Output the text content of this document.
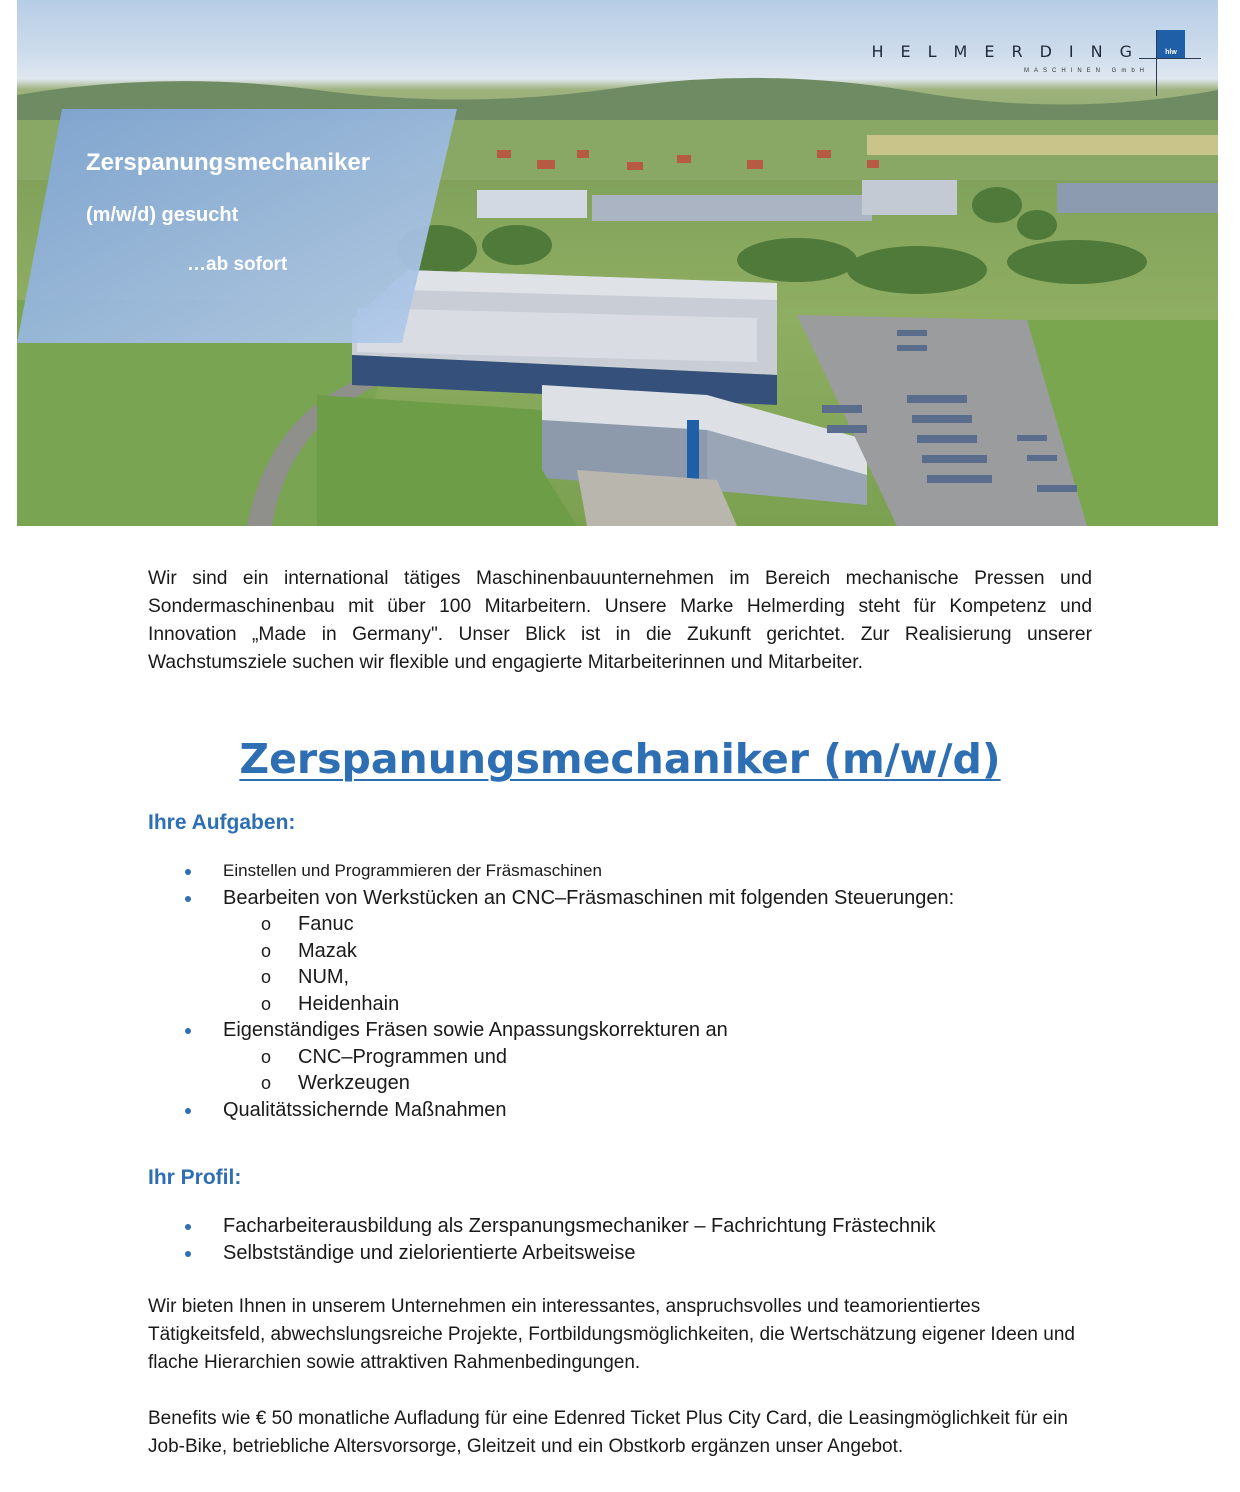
HELMERDING
MASCHINEN GmbH
hlw
Zerspanungsmechaniker
(m/w/d) gesucht
…ab sofort

Wir sind ein international tätiges Maschinenbauunternehmen im Bereich mechanische Pressen und Sondermaschinenbau mit über 100 Mitarbeitern. Unsere Marke Helmerding steht für Kompetenz und Innovation „Made in Germany". Unser Blick ist in die Zukunft gerichtet. Zur Realisierung unserer Wachstumsziele suchen wir flexible und engagierte Mitarbeiterinnen und Mitarbeiter.

Zerspanungsmechaniker (m/w/d)
Ihre Aufgaben:
Einstellen und Programmieren der Fräsmaschinen
Bearbeiten von Werkstücken an CNC–Fräsmaschinen mit folgenden Steuerungen:
o Fanuc
o Mazak
o NUM,
o Heidenhain
Eigenständiges Fräsen sowie Anpassungskorrekturen an
o CNC–Programmen und
o Werkzeugen
Qualitätssichernde Maßnahmen
Ihr Profil:
Facharbeiterausbildung als Zerspanungsmechaniker – Fachrichtung Frästechnik
Selbstständige und zielorientierte Arbeitsweise

Wir bieten Ihnen in unserem Unternehmen ein interessantes, anspruchsvolles und teamorientiertes Tätigkeitsfeld, abwechslungsreiche Projekte, Fortbildungsmöglichkeiten, die Wertschätzung eigener Ideen und flache Hierarchien sowie attraktiven Rahmenbedingungen.

Benefits wie € 50 monatliche Aufladung für eine Edenred Ticket Plus City Card, die Leasingmöglichkeit für ein Job-Bike, betriebliche Altersvorsorge, Gleitzeit und ein Obstkorb ergänzen unser Angebot.
